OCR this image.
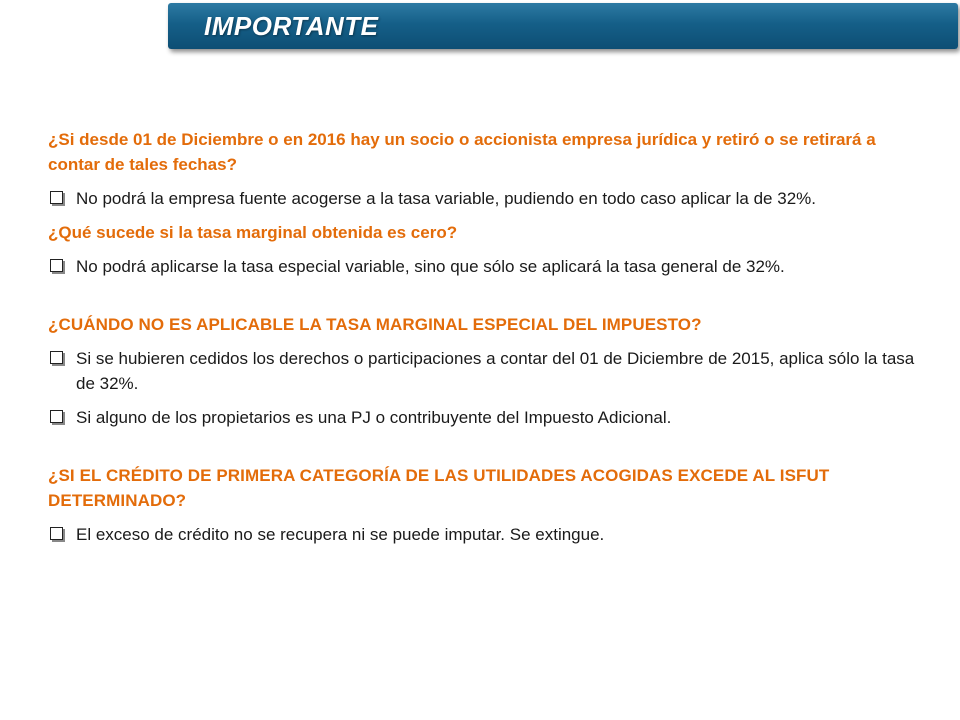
IMPORTANTE
¿Si desde 01 de Diciembre o en 2016 hay un socio o accionista empresa jurídica y retiró o se retirará a contar de tales fechas?
No podrá la empresa fuente acogerse a la tasa variable, pudiendo en todo caso aplicar la de 32%.
¿Qué sucede si la tasa marginal obtenida es cero?
No podrá aplicarse la tasa especial variable, sino que sólo se aplicará la tasa general de 32%.
¿CUÁNDO NO ES APLICABLE LA TASA MARGINAL ESPECIAL DEL IMPUESTO?
Si se hubieren cedidos los derechos o participaciones a contar del 01 de Diciembre de 2015, aplica sólo la tasa de 32%.
Si alguno de los propietarios es una PJ o contribuyente del Impuesto Adicional.
¿SI EL CRÉDITO DE PRIMERA CATEGORÍA DE LAS UTILIDADES ACOGIDAS EXCEDE AL ISFUT DETERMINADO?
El exceso de crédito no se recupera ni se puede imputar. Se extingue.
